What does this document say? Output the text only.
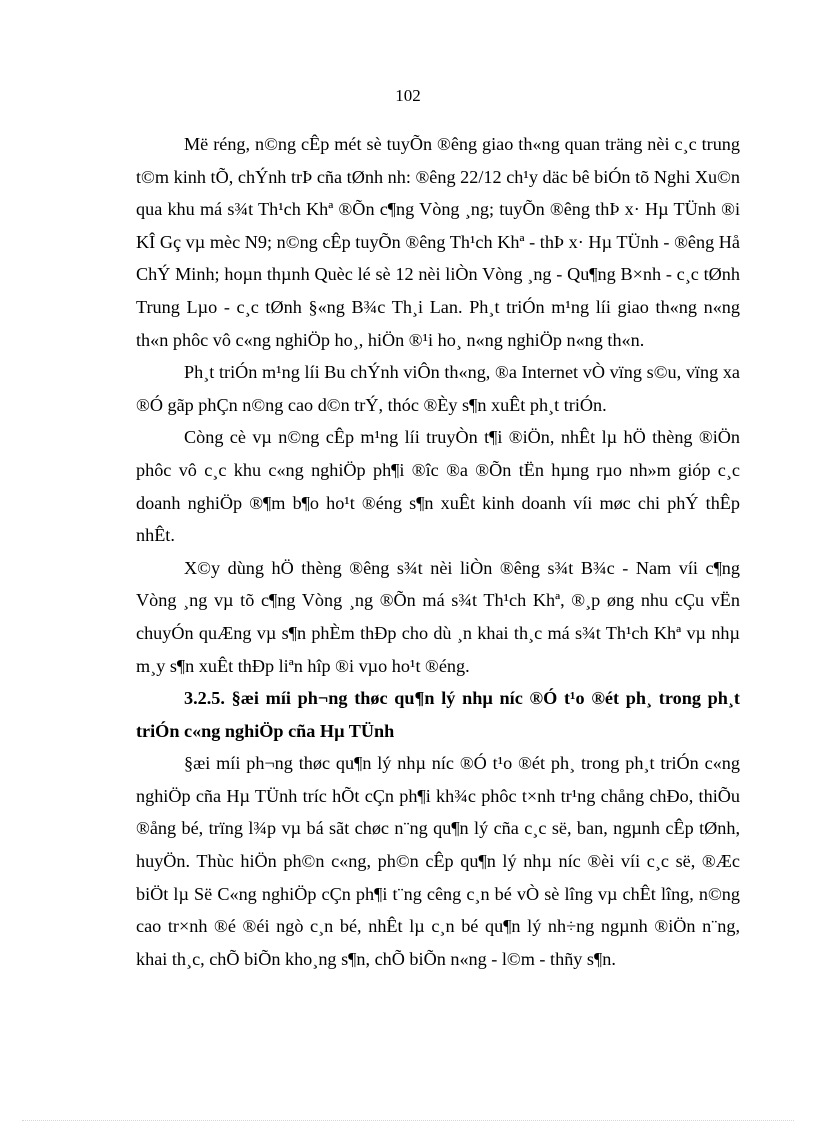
102

Më réng, n©ng cÊp mét sè tuyÕn ®êng giao th«ng quan träng nèi c¸c trung t©m kinh tÕ, chÝnh trÞ cña tØnh nh: ®êng 22/12 ch¹y däc bê biÓn tõ Nghi Xu©n qua khu má s¾t Th¹ch Khª ®Õn c¶ng Vòng ¸ng; tuyÕn ®êng thÞ x· Hµ TÜnh ®i KÎ Gç vµ mèc N9; n©ng cÊp tuyÕn ®êng Th¹ch Khª - thÞ x· Hµ TÜnh - ®êng Hå ChÝ Minh; hoµn thµnh Quèc lé sè 12 nèi liÒn Vòng ¸ng - Qu¶ng B×nh - c¸c tØnh Trung Lµo - c¸c tØnh §«ng B¾c Th¸i Lan. Ph¸t triÓn m¹ng líi giao th«ng n«ng th«n phôc vô c«ng nghiÖp ho¸, hiÖn ®¹i ho¸ n«ng nghiÖp n«ng th«n.

Ph¸t triÓn m¹ng líi Bu chÝnh viÔn th«ng, ®a Internet vÒ vïng s©u, vïng xa ®Ó gãp phÇn n©ng cao d©n trÝ, thóc ®Èy s¶n xuÊt ph¸t triÓn.

Còng cè vµ n©ng cÊp m¹ng líi truyÒn t¶i ®iÖn, nhÊt lµ hÖ thèng ®iÖn phôc vô c¸c khu c«ng nghiÖp ph¶i ®îc ®a ®Õn tËn hµng rµo nh»m gióp c¸c doanh nghiÖp ®¶m b¶o ho¹t ®éng s¶n xuÊt kinh doanh víi møc chi phÝ thÊp nhÊt.

X©y dùng hÖ thèng ®êng s¾t nèi liÒn ®êng s¾t B¾c - Nam víi c¶ng Vòng ¸ng vµ tõ c¶ng Vòng ¸ng ®Õn má s¾t Th¹ch Khª, ®¸p øng nhu cÇu vËn chuyÓn quÆng vµ s¶n phÈm thÐp cho dù ¸n khai th¸c má s¾t Th¹ch Khª vµ nhµ m¸y s¶n xuÊt thÐp liªn hîp ®i vµo ho¹t ®éng.

3.2.5. §æi míi ph¬ng thøc qu¶n lý nhµ níc ®Ó t¹o ®ét ph¸ trong ph¸t triÓn c«ng nghiÖp cña Hµ TÜnh

§æi míi ph¬ng thøc qu¶n lý nhµ níc ®Ó t¹o ®ét ph¸ trong ph¸t triÓn c«ng nghiÖp cña Hµ TÜnh tríc hÕt cÇn ph¶i kh¾c phôc t×nh tr¹ng chång chÐo, thiÕu ®ång bé, trïng l¾p vµ bá sãt chøc n¨ng qu¶n lý cña c¸c së, ban, ngµnh cÊp tØnh, huyÖn. Thùc hiÖn ph©n c«ng, ph©n cÊp qu¶n lý nhµ níc ®èi víi c¸c së, ®Æc biÖt lµ Së C«ng nghiÖp cÇn ph¶i t¨ng cêng c¸n bé vÒ sè lîng vµ chÊt lîng, n©ng cao tr×nh ®é ®éi ngò c¸n bé, nhÊt lµ c¸n bé qu¶n lý nh÷ng ngµnh ®iÖn n¨ng, khai th¸c, chÕ biÕn kho¸ng s¶n, chÕ biÕn n«ng - l©m - thñy s¶n.
